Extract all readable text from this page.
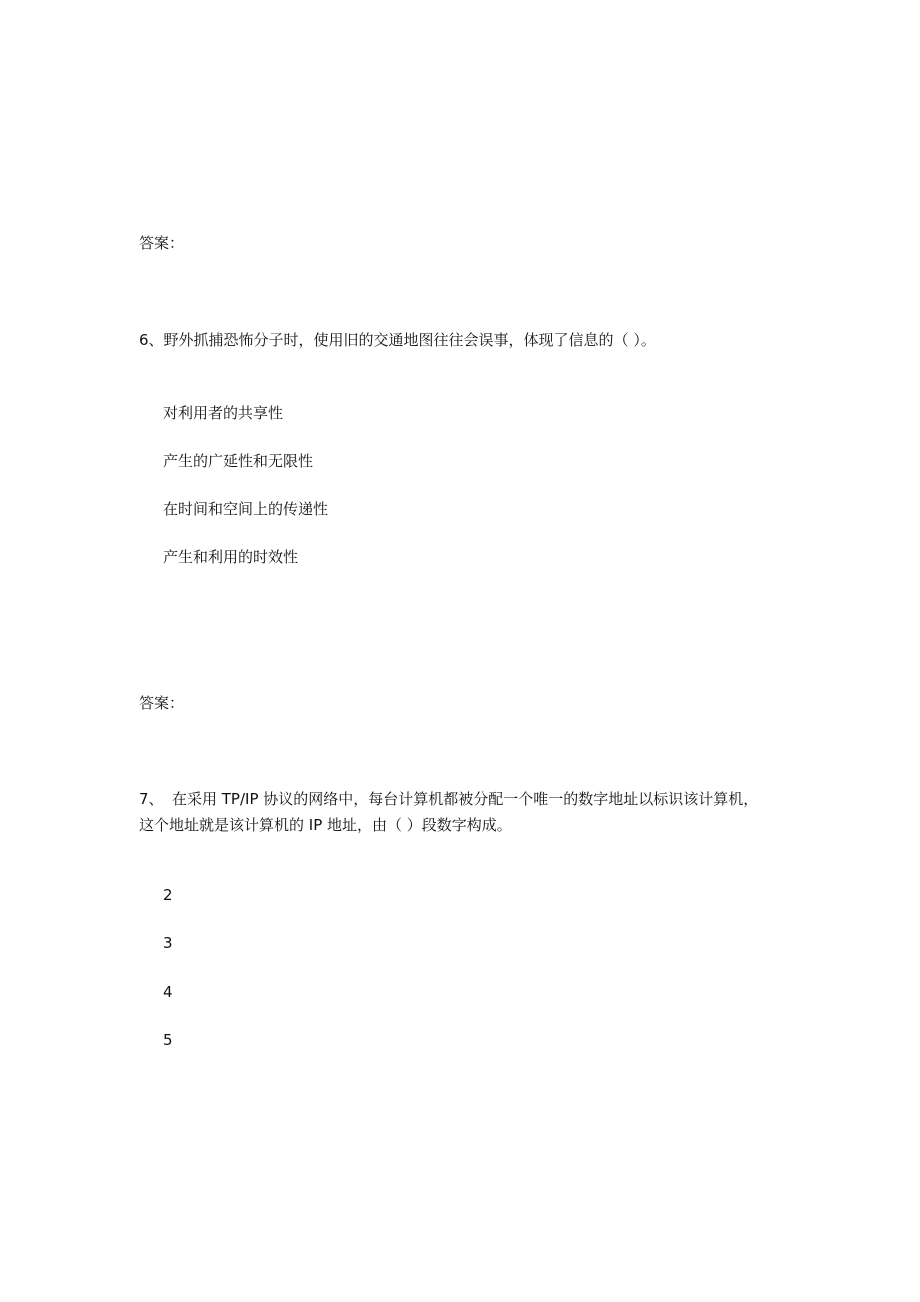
答案：
6、野外抓捕恐怖分子时，使用旧的交通地图往往会误事，体现了信息的（ ）。
对利用者的共享性
产生的广延性和无限性
在时间和空间上的传递性
产生和利用的时效性
答案：
7、 在采用 TP/IP 协议的网络中，每台计算机都被分配一个唯一的数字地址以标识该计算机，
这个地址就是该计算机的 IP 地址，由（ ）段数字构成。
2
3
4
5
